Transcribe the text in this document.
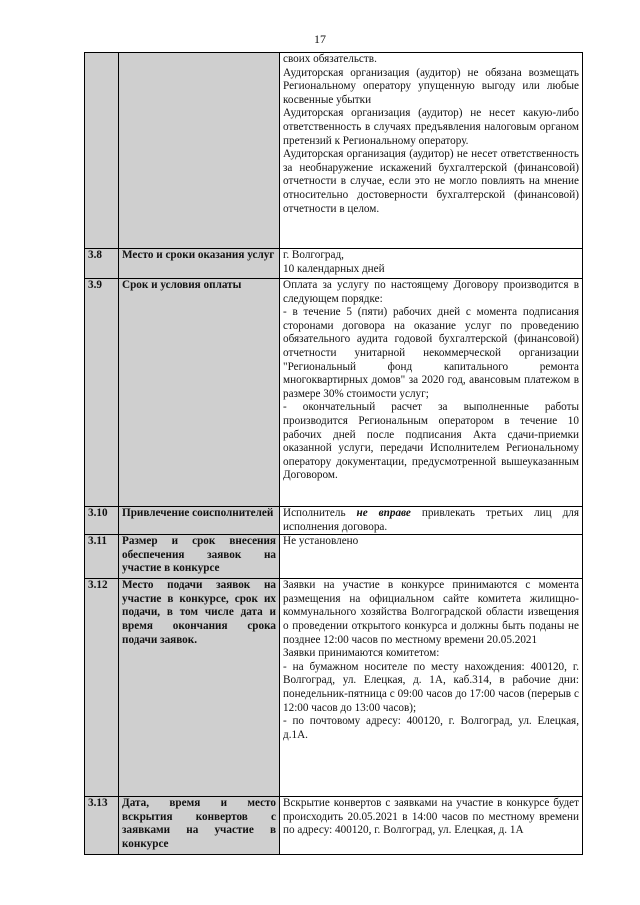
17

		своих обязательств.
Аудиторская организация (аудитор) не обязана возмещать Региональному оператору упущенную выгоду или любые косвенные убытки
Аудиторская организация (аудитор) не несет какую-либо ответственность в случаях предъявления налоговым органом претензий к Региональному оператору.
Аудиторская организация (аудитор) не несет ответственность за необнаружение искажений бухгалтерской (финансовой) отчетности в случае, если это не могло повлиять на мнение относительно достоверности бухгалтерской (финансовой) отчетности в целом.

3.8	Место и сроки оказания услуг	г. Волгоград,
10 календарных дней

3.9	Срок и условия оплаты	Оплата за услугу по настоящему Договору производится в следующем порядке:
- в течение 5 (пяти) рабочих дней с момента подписания сторонами договора на оказание услуг по проведению обязательного аудита годовой бухгалтерской (финансовой) отчетности унитарной некоммерческой организации "Региональный фонд капитального ремонта многоквартирных домов" за 2020 год, авансовым платежом в размере 30% стоимости услуг;
- окончательный расчет за выполненные работы производится Региональным оператором в течение 10 рабочих дней после подписания Акта сдачи-приемки оказанной услуги, передачи Исполнителем Региональному оператору документации, предусмотренной вышеуказанным Договором.

3.10	Привлечение соисполнителей	Исполнитель не вправе привлекать третьих лиц для исполнения договора.
3.11	Размер и срок внесения обеспечения заявок на участие в конкурсе	Не установлено

3.12	Место подачи заявок на участие в конкурсе, срок их подачи, в том числе дата и время окончания срока подачи заявок.	Заявки на участие в конкурсе принимаются с момента размещения на официальном сайте комитета жилищно-коммунального хозяйства Волгоградской области извещения о проведении открытого конкурса и должны быть поданы не позднее 12:00 часов по местному времени 20.05.2021
Заявки принимаются комитетом:
- на бумажном носителе по месту нахождения: 400120, г. Волгоград, ул. Елецкая, д. 1А, каб.314, в рабочие дни: понедельник-пятница с 09:00 часов до 17:00 часов (перерыв с 12:00 часов до 13:00 часов);
- по почтовому адресу: 400120, г. Волгоград, ул. Елецкая, д.1А.

3.13	Дата, время и место вскрытия конвертов с заявками на участие в конкурсе	Вскрытие конвертов с заявками на участие в конкурсе будет происходить 20.05.2021 в 14:00 часов по местному времени по адресу: 400120, г. Волгоград, ул. Елецкая, д. 1А
